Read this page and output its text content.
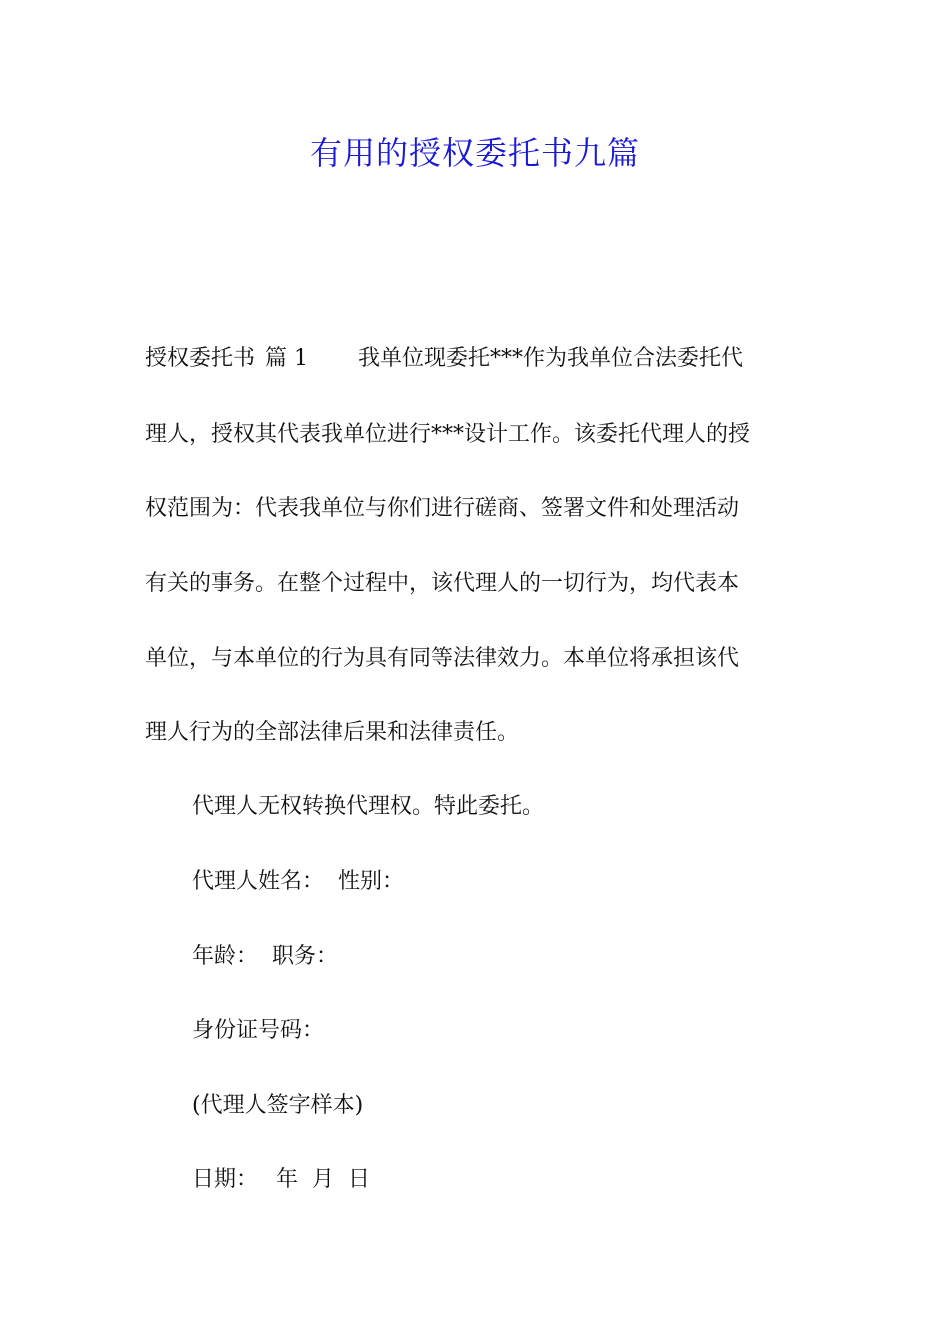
有用的授权委托书九篇
授权委托书 篇 1 我单位现委托***作为我单位合法委托代
理人，授权其代表我单位进行***设计工作。该委托代理人的授
权范围为：代表我单位与你们进行磋商、签署文件和处理活动
有关的事务。在整个过程中，该代理人的一切行为，均代表本
单位，与本单位的行为具有同等法律效力。本单位将承担该代
理人行为的全部法律后果和法律责任。
代理人无权转换代理权。特此委托。
代理人姓名： 性别：
年龄： 职务：
身份证号码：
(代理人签字样本)
日期： 年 月 日
